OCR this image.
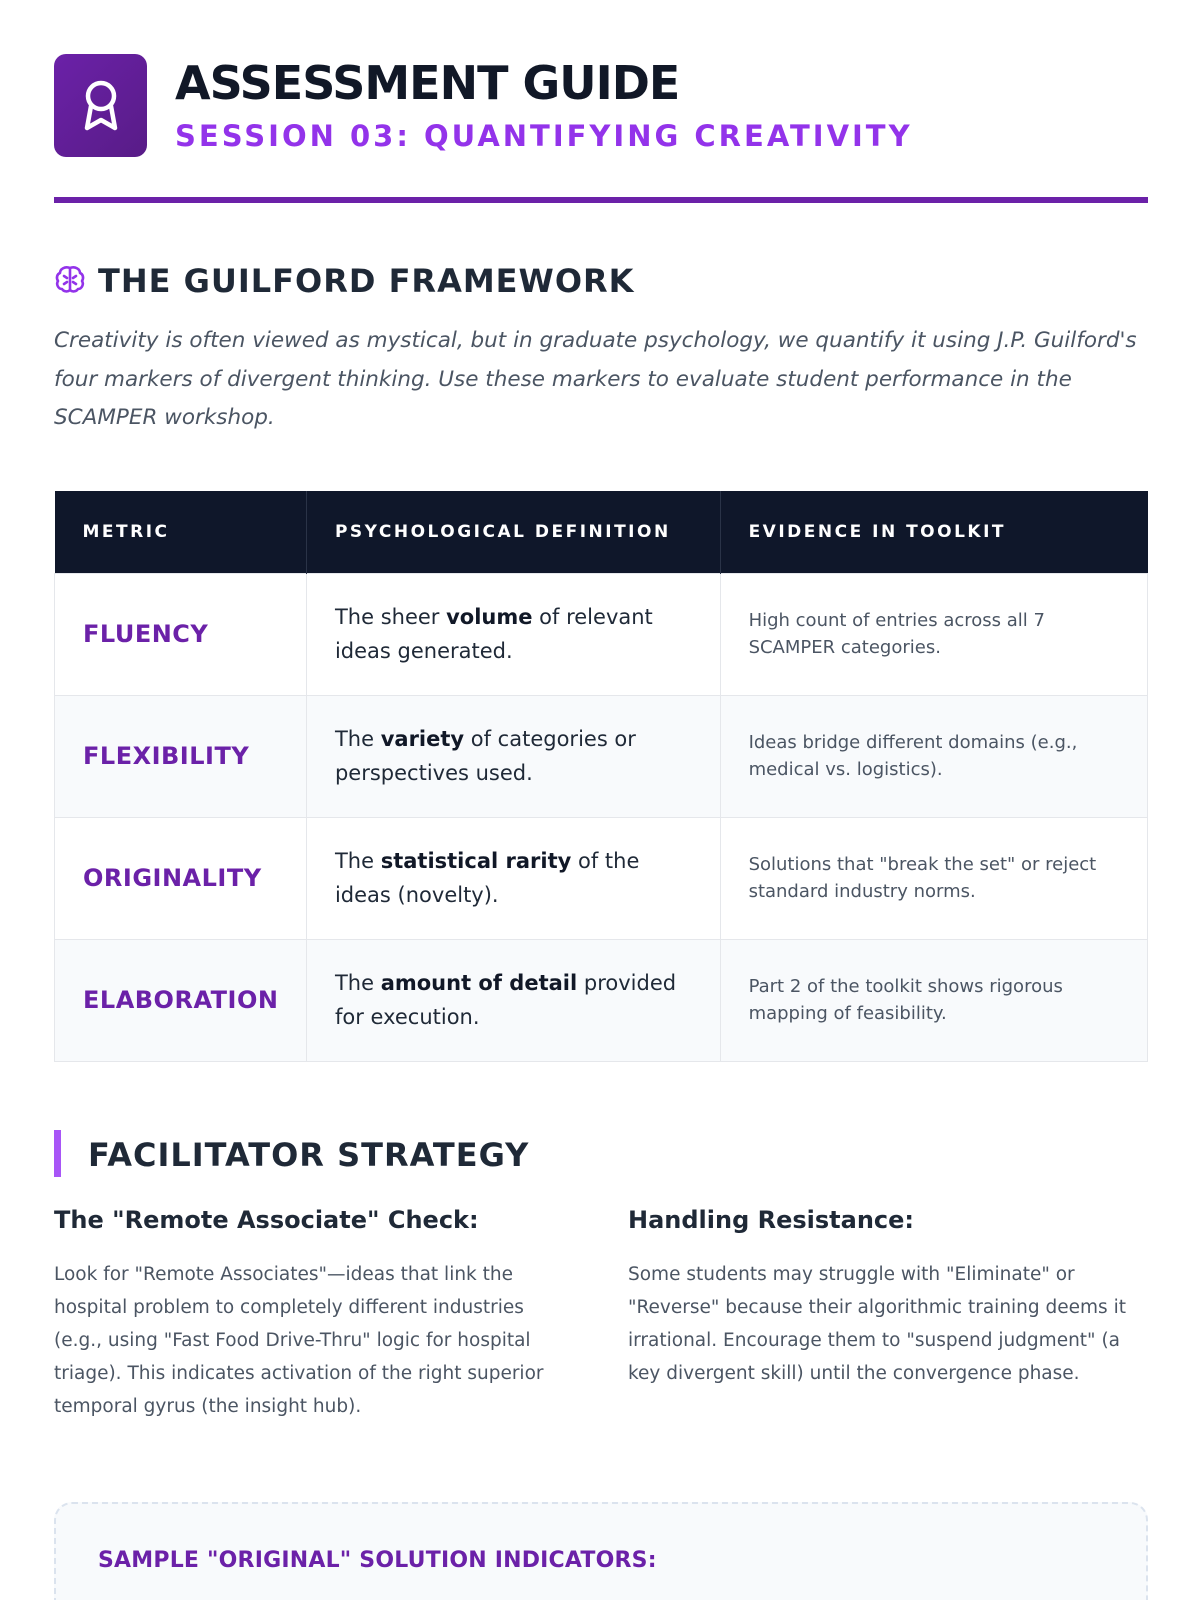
ASSESSMENT GUIDE
SESSION 03: QUANTIFYING CREATIVITY
THE GUILFORD FRAMEWORK

Creativity is often viewed as mystical, but in graduate psychology, we quantify it using J.P. Guilford's four markers of divergent thinking. Use these markers to evaluate student performance in the SCAMPER workshop.

METRIC	PSYCHOLOGICAL DEFINITION	EVIDENCE IN TOOLKIT
FLUENCY	The sheer volume of relevant ideas generated.	High count of entries across all 7 SCAMPER categories.

FLEXIBILITY	The variety of categories or perspectives used.	Ideas bridge different domains (e.g., medical vs. logistics).

ORIGINALITY	The statistical rarity of the ideas (novelty).	Solutions that "break the set" or reject standard industry norms.

ELABORATION	The amount of detail provided for execution.	Part 2 of the toolkit shows rigorous mapping of feasibility.
FACILITATOR STRATEGY
The "Remote Associate" Check:

Look for "Remote Associates"—ideas that link the hospital problem to completely different industries (e.g., using "Fast Food Drive-Thru" logic for hospital triage). This indicates activation of the right superior temporal gyrus (the insight hub).

Handling Resistance:

Some students may struggle with "Eliminate" or "Reverse" because their algorithmic training deems it irrational. Encourage them to "suspend judgment" (a key divergent skill) until the convergence phase.

SAMPLE "ORIGINAL" SOLUTION INDICATORS:
